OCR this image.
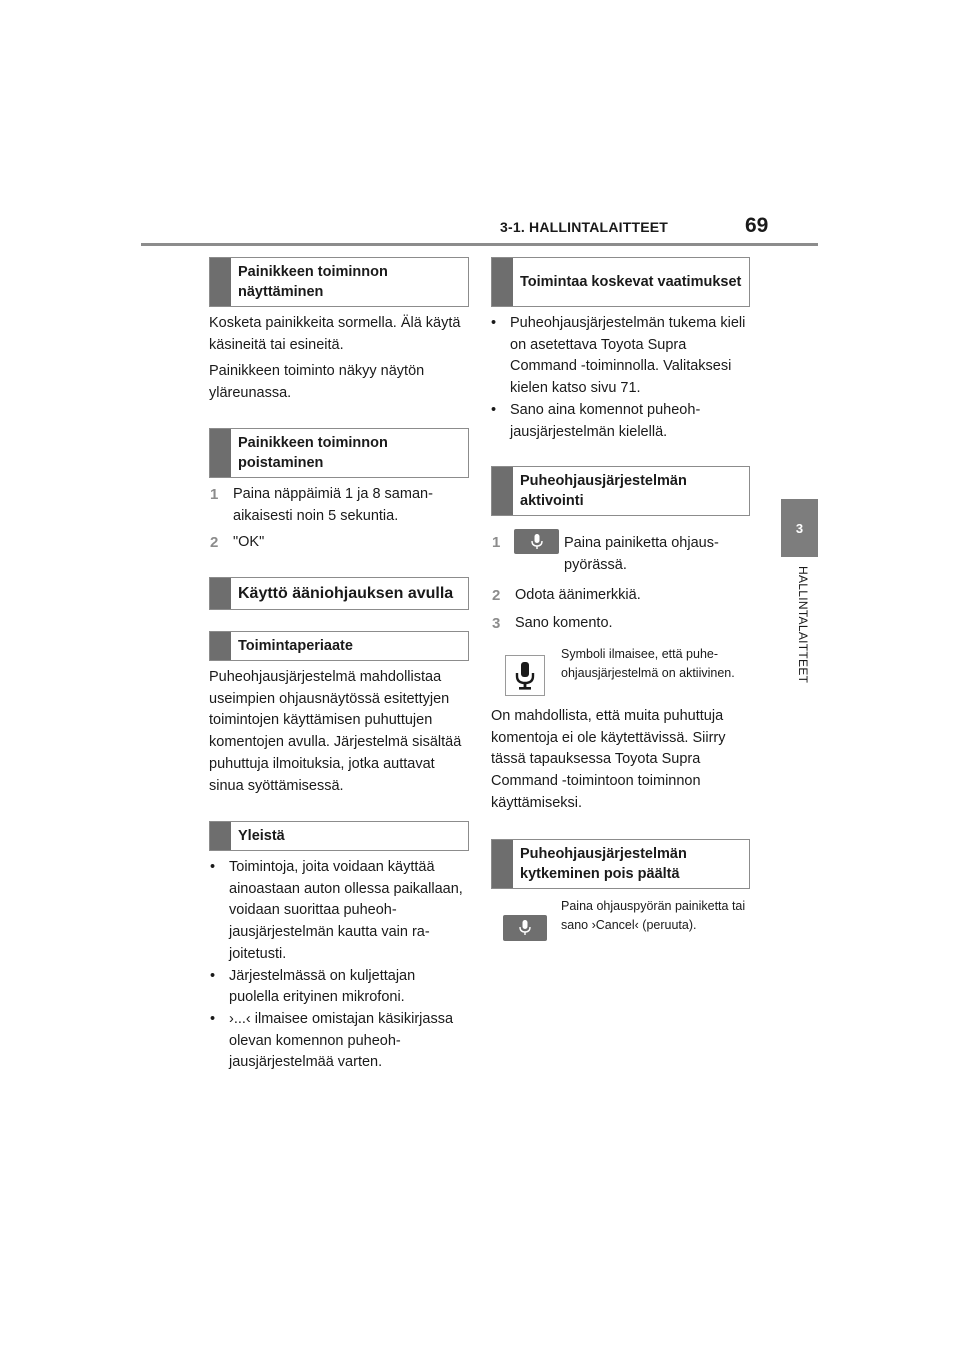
3-1. HALLINTALAITTEET	69
3
HALLINTALAITTEET
Painikkeen toiminnon näyttäminen
Kosketa painikkeita sormella. Älä käytä käsineitä tai esineitä.
Painikkeen toiminto näkyy näytön yläreunassa.
Painikkeen toiminnon poistaminen
1	Paina näppäimiä 1 ja 8 samanaikaisesti noin 5 sekuntia.
2	"OK"
Käyttö ääniohjauksen avulla
Toimintaperiaate
Puheohjausjärjestelmä mahdollistaa useimpien ohjausnäytössä esitettyjen toimintojen käyttämisen puhuttujen komentojen avulla. Järjestelmä sisältää puhuttuja ilmoituksia, jotka auttavat sinua syöttämisessä.
Yleistä
• Toimintoja, joita voidaan käyttää ainoastaan auton ollessa paikallaan, voidaan suorittaa puheohjausjärjestelmän kautta vain rajoitetusti.
• Järjestelmässä on kuljettajan puolella erityinen mikrofoni.
• ›...‹ ilmaisee omistajan käsikirjassa olevan komennon puheohjausjärjestelmää varten.
Toimintaa koskevat vaatimukset
• Puheohjausjärjestelmän tukema kieli on asetettava Toyota Supra Command -toiminnolla. Valitaksesi kielen katso sivu 71.
• Sano aina komennot puheohjausjärjestelmän kielellä.
Puheohjausjärjestelmän aktivointi
1	Paina painiketta ohjauspyörässä.
2	Odota äänimerkkiä.
3	Sano komento.
Symboli ilmaisee, että puheohjausjärjestelmä on aktiivinen.
On mahdollista, että muita puhuttuja komentoja ei ole käytettävissä. Siirry tässä tapauksessa Toyota Supra Command -toimintoon toiminnon käyttämiseksi.
Puheohjausjärjestelmän kytkeminen pois päältä
Paina ohjauspyörän painiketta tai sano ›Cancel‹ (peruuta).
